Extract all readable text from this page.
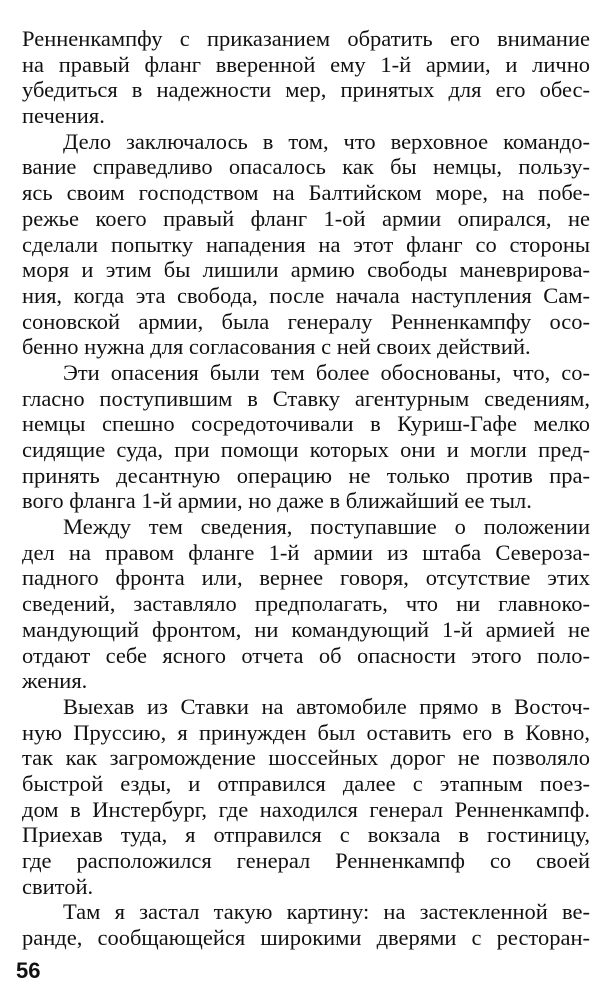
Ренненкампфу с приказанием обратить его внимание
на правый фланг вверенной ему 1-й армии, и лично
убедиться в надежности мер, принятых для его обес-
печения.
Дело заключалось в том, что верховное командо-
вание справедливо опасалось как бы немцы, пользу-
ясь своим господством на Балтийском море, на побе-
режье коего правый фланг 1-ой армии опирался, не
сделали попытку нападения на этот фланг со стороны
моря и этим бы лишили армию свободы маневрирова-
ния, когда эта свобода, после начала наступления Сам-
соновской армии, была генералу Ренненкампфу осо-
бенно нужна для согласования с ней своих действий.
Эти опасения были тем более обоснованы, что, со-
гласно поступившим в Ставку агентурным сведениям,
немцы спешно сосредоточивали в Куриш-Гафе мелко
сидящие суда, при помощи которых они и могли пред-
принять десантную операцию не только против пра-
вого фланга 1-й армии, но даже в ближайший ее тыл.
Между тем сведения, поступавшие о положении
дел на правом фланге 1-й армии из штаба Североза-
падного фронта или, вернее говоря, отсутствие этих
сведений, заставляло предполагать, что ни главноко-
мандующий фронтом, ни командующий 1-й армией не
отдают себе ясного отчета об опасности этого поло-
жения.
Выехав из Ставки на автомобиле прямо в Восточ-
ную Пруссию, я принужден был оставить его в Ковно,
так как загромождение шоссейных дорог не позволяло
быстрой езды, и отправился далее с этапным поез-
дом в Инстербург, где находился генерал Ренненкампф.
Приехав туда, я отправился с вокзала в гостиницу,
где расположился генерал Ренненкампф со своей
свитой.
Там я застал такую картину: на застекленной ве-
ранде, сообщающейся широкими дверями с ресторан-
56
